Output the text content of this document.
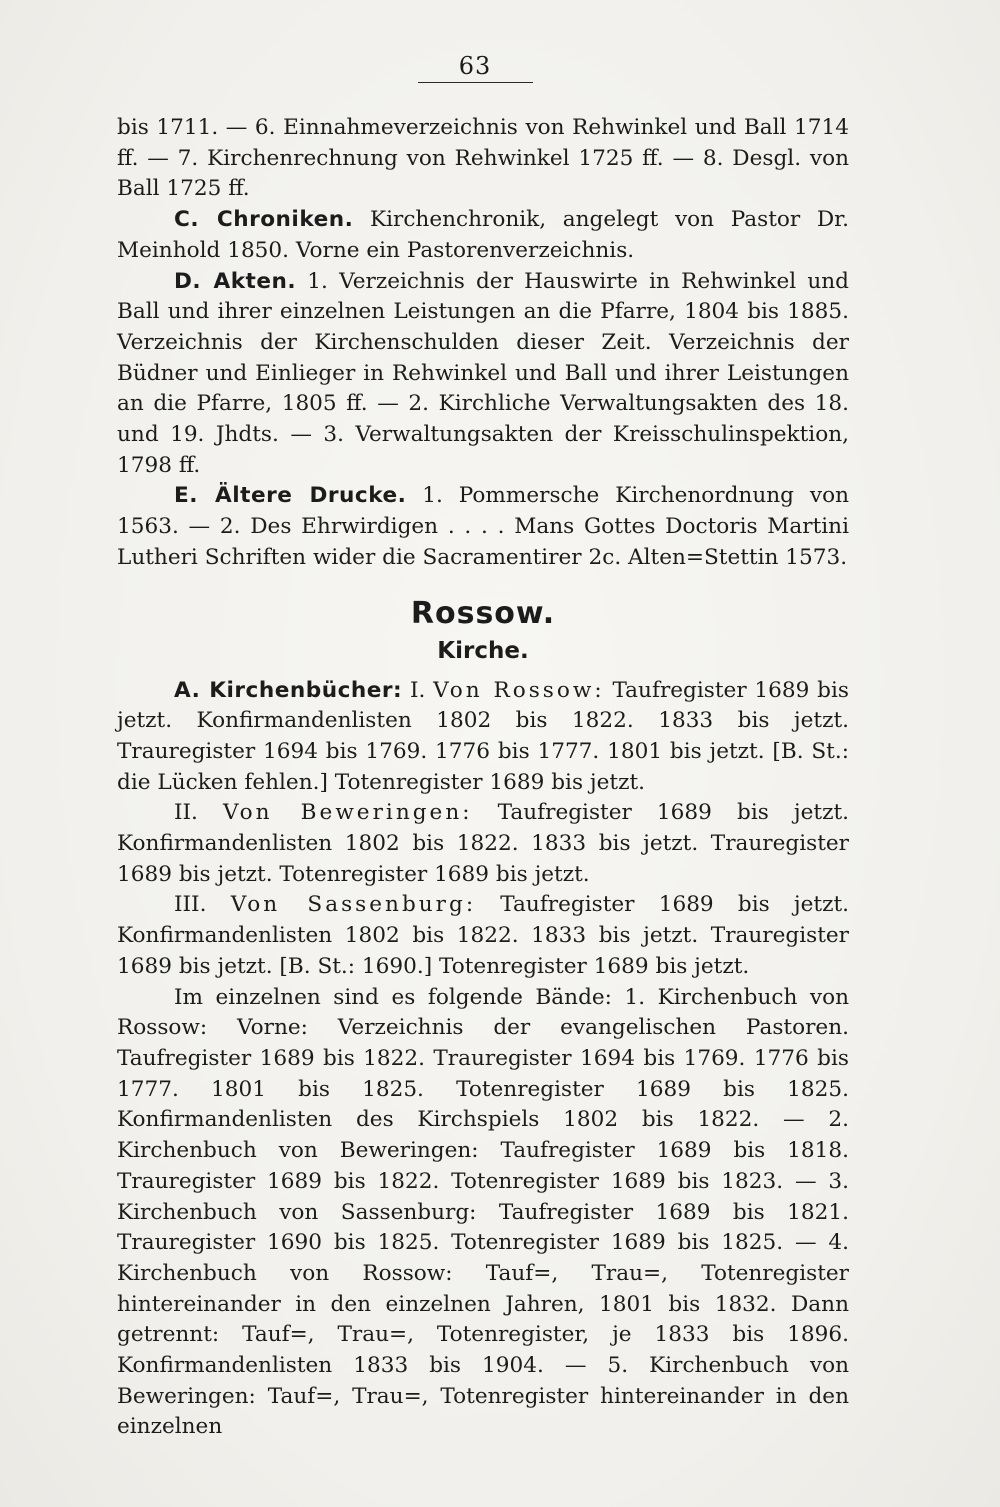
63

bis 1711. — 6. Einnahmeverzeichnis von Rehwinkel und Ball 1714 ff. — 7. Kirchenrechnung von Rehwinkel 1725 ff. — 8. Desgl. von Ball 1725 ff.

C. Chroniken. Kirchenchronik, angelegt von Pastor Dr. Meinhold 1850. Vorne ein Pastorenverzeichnis.

D. Akten. 1. Verzeichnis der Hauswirte in Rehwinkel und Ball und ihrer einzelnen Leistungen an die Pfarre, 1804 bis 1885. Verzeichnis der Kirchenschulden dieser Zeit. Verzeichnis der Büdner und Einlieger in Rehwinkel und Ball und ihrer Leistungen an die Pfarre, 1805 ff. — 2. Kirchliche Verwaltungsakten des 18. und 19. Jhdts. — 3. Verwaltungsakten der Kreisschulinspektion, 1798 ff.

E. Ältere Drucke. 1. Pommersche Kirchenordnung von 1563. — 2. Des Ehrwirdigen . . . . Mans Gottes Doctoris Martini Lutheri Schriften wider die Sacramentirer 2c. Alten=Stettin 1573.

Rossow.
Kirche.

A. Kirchenbücher: I. Von Rossow: Taufregister 1689 bis jetzt. Konfirmandenlisten 1802 bis 1822. 1833 bis jetzt. Trauregister 1694 bis 1769. 1776 bis 1777. 1801 bis jetzt. [B. St.: die Lücken fehlen.] Totenregister 1689 bis jetzt.

II. Von Beweringen: Taufregister 1689 bis jetzt. Konfirmandenlisten 1802 bis 1822. 1833 bis jetzt. Trauregister 1689 bis jetzt. Totenregister 1689 bis jetzt.

III. Von Sassenburg: Taufregister 1689 bis jetzt. Konfirmandenlisten 1802 bis 1822. 1833 bis jetzt. Trauregister 1689 bis jetzt. [B. St.: 1690.] Totenregister 1689 bis jetzt.

Im einzelnen sind es folgende Bände: 1. Kirchenbuch von Rossow: Vorne: Verzeichnis der evangelischen Pastoren. Taufregister 1689 bis 1822. Trauregister 1694 bis 1769. 1776 bis 1777. 1801 bis 1825. Totenregister 1689 bis 1825. Konfirmandenlisten des Kirchspiels 1802 bis 1822. — 2. Kirchenbuch von Beweringen: Taufregister 1689 bis 1818. Trauregister 1689 bis 1822. Totenregister 1689 bis 1823. — 3. Kirchenbuch von Sassenburg: Taufregister 1689 bis 1821. Trauregister 1690 bis 1825. Totenregister 1689 bis 1825. — 4. Kirchenbuch von Rossow: Tauf=, Trau=, Totenregister hintereinander in den einzelnen Jahren, 1801 bis 1832. Dann getrennt: Tauf=, Trau=, Totenregister, je 1833 bis 1896. Konfirmandenlisten 1833 bis 1904. — 5. Kirchenbuch von Beweringen: Tauf=, Trau=, Totenregister hintereinander in den einzelnen
